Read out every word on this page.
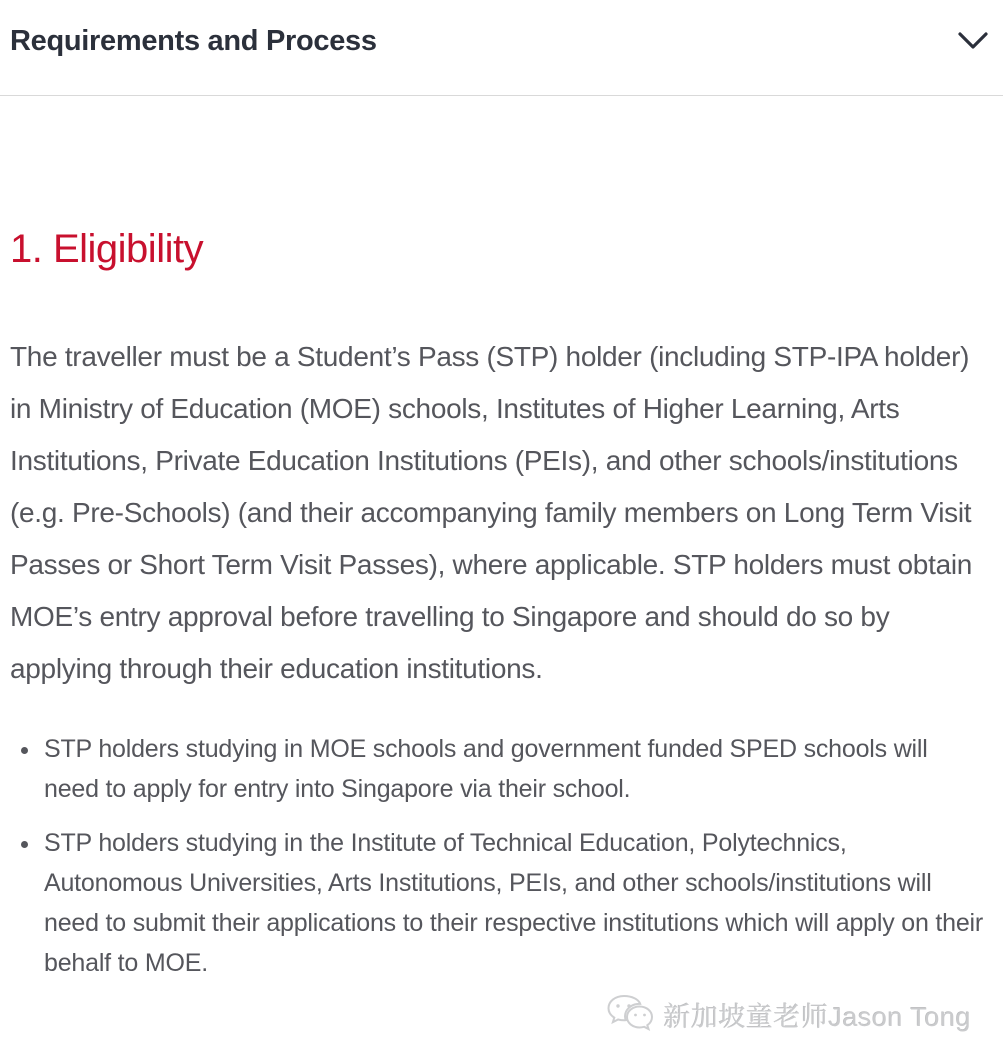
Requirements and Process
1. Eligibility

The traveller must be a Student’s Pass (STP) holder (including STP-IPA holder) in Ministry of Education (MOE) schools, Institutes of Higher Learning, Arts Institutions, Private Education Institutions (PEIs), and other schools/institutions (e.g. Pre-Schools) (and their accompanying family members on Long Term Visit Passes or Short Term Visit Passes), where applicable. STP holders must obtain MOE’s entry approval before travelling to Singapore and should do so by applying through their education institutions.

• STP holders studying in MOE schools and government funded SPED schools will need to apply for entry into Singapore via their school.
• STP holders studying in the Institute of Technical Education, Polytechnics, Autonomous Universities, Arts Institutions, PEIs, and other schools/institutions will need to submit their applications to their respective institutions which will apply on their behalf to MOE.
新加坡童老师Jason Tong
